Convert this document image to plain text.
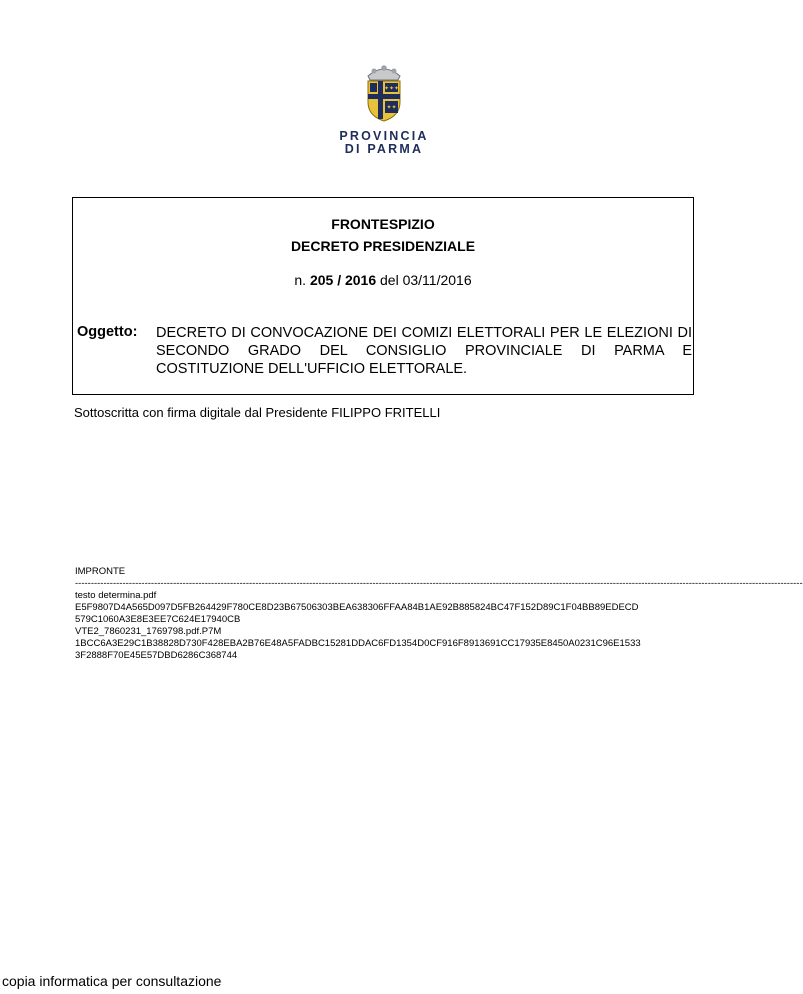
✦✦✦
✦✦
PROVINCIA
DI PARMA
FRONTESPIZIO
DECRETO PRESIDENZIALE
n. 205 / 2016 del 03/11/2016
Oggetto: DECRETO DI CONVOCAZIONE DEI COMIZI ELETTORALI PER LE ELEZIONI DI SECONDO GRADO DEL CONSIGLIO PROVINCIALE DI PARMA E COSTITUZIONE DELL'UFFICIO ELETTORALE.
Sottoscritta con firma digitale dal Presidente FILIPPO FRITELLI
IMPRONTE
--------------------------------------------------------------------------------------------------------------------------------------------------------------------------------------------------------------------------------------
testo determina.pdf
E5F9807D4A565D097D5FB264429F780CE8D23B67506303BEA638306FFAA84B1AE92B885824BC47F152D89C1F04BB89EDECD
579C1060A3E8E3EE7C624E17940CB
VTE2_7860231_1769798.pdf.P7M
1BCC6A3E29C1B38828D730F428EBA2B76E48A5FADBC15281DDAC6FD1354D0CF916F8913691CC17935E8450A0231C96E1533
3F2888F70E45E57DBD6286C368744
copia informatica per consultazione
